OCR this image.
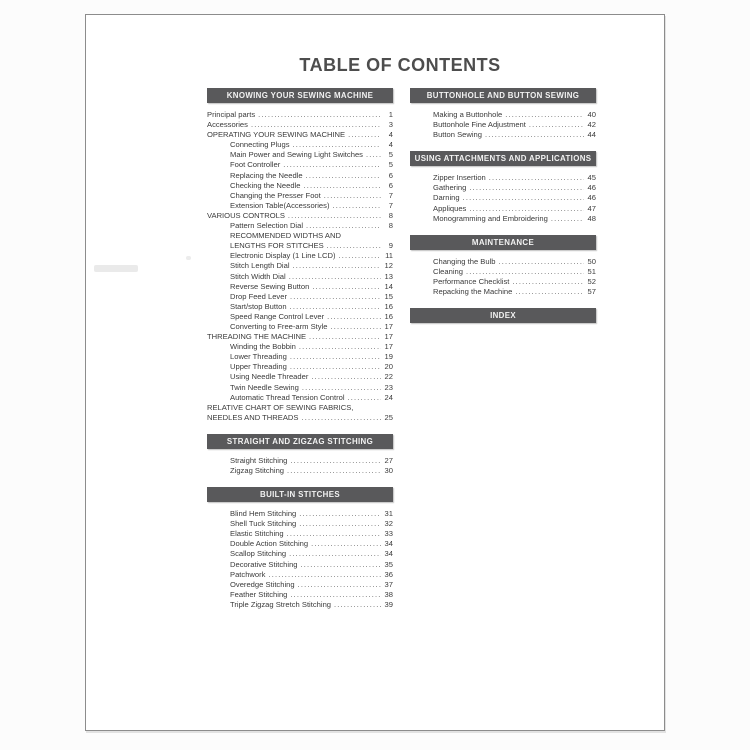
TABLE OF CONTENTS
KNOWING YOUR SEWING MACHINE
Principal parts .....	1
Accessories .....	3
OPERATING YOUR SEWING MACHINE .....	4
Connecting Plugs .....	4
Main Power and Sewing Light Switches .....	5
Foot Controller .....	5
Replacing the Needle .....	6
Checking the Needle .....	6
Changing the Presser Foot .....	7
Extension Table(Accessories) .....	7
VARIOUS CONTROLS .....	8
Pattern Selection Dial .....	8
RECOMMENDED WIDTHS AND
LENGTHS FOR STITCHES .....	9
Electronic Display (1 Line LCD) .....	11
Stitch Length Dial .....	12
Stitch Width Dial .....	13
Reverse Sewing Button .....	14
Drop Feed Lever .....	15
Start/stop Button .....	16
Speed Range Control Lever .....	16
Converting to Free-arm Style .....	17
THREADING THE MACHINE .....	17
Winding the Bobbin .....	17
Lower Threading .....	19
Upper Threading .....	20
Using Needle Threader .....	22
Twin Needle Sewing .....	23
Automatic Thread Tension Control .....	24
RELATIVE CHART OF SEWING FABRICS,
NEEDLES AND THREADS .....	25
STRAIGHT AND ZIGZAG STITCHING
Straight Stitching .....	27
Zigzag Stitching .....	30
BUILT-IN STITCHES
Blind Hem Stitching .....	31
Shell Tuck Stitching .....	32
Elastic Stitching .....	33
Double Action Stitching .....	34
Scallop Stitching .....	34
Decorative Stitching .....	35
Patchwork .....	36
Overedge Stitching .....	37
Feather Stitching .....	38
Triple Zigzag Stretch Stitching .....	39
BUTTONHOLE AND BUTTON SEWING
Making a Buttonhole .....	40
Buttonhole Fine Adjustment .....	42
Button Sewing .....	44
USING ATTACHMENTS AND APPLICATIONS
Zipper Insertion .....	45
Gathering .....	46
Darning .....	46
Appliques .....	47
Monogramming and Embroidering .....	48
MAINTENANCE
Changing the Bulb .....	50
Cleaning .....	51
Performance Checklist .....	52
Repacking the Machine .....	57
INDEX
